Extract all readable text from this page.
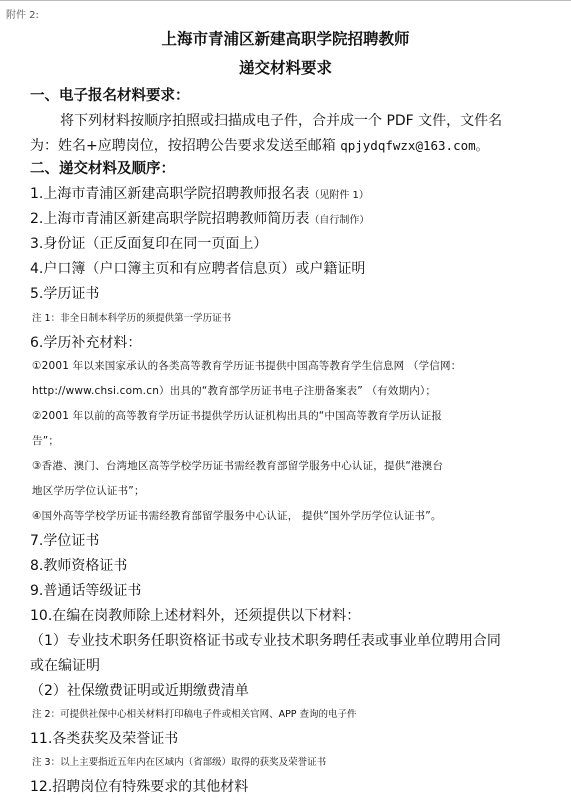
附件 2:
上海市青浦区新建高职学院招聘教师
递交材料要求
一、电子报名材料要求：
将下列材料按顺序拍照或扫描成电子件，合并成一个 PDF 文件，文件名
为：姓名+应聘岗位，按招聘公告要求发送至邮箱 qpjydqfwzx@163.com。
二、递交材料及顺序：
1.上海市青浦区新建高职学院招聘教师报名表（见附件 1）
2.上海市青浦区新建高职学院招聘教师简历表（自行制作）
3.身份证（正反面复印在同一页面上）
4.户口簿（户口簿主页和有应聘者信息页）或户籍证明
5.学历证书
注 1：非全日制本科学历的须提供第一学历证书
6.学历补充材料：
①2001 年以来国家承认的各类高等教育学历证书提供中国高等教育学生信息网 （学信网：
http://www.chsi.com.cn）出具的“教育部学历证书电子注册备案表” （有效期内）；
②2001 年以前的高等教育学历证书提供学历认证机构出具的“中国高等教育学历认证报
告”；
③香港、澳门、台湾地区高等学校学历证书需经教育部留学服务中心认证，提供“港澳台
地区学历学位认证书”；
④国外高等学校学历证书需经教育部留学服务中心认证， 提供“国外学历学位认证书”。
7.学位证书
8.教师资格证书
9.普通话等级证书
10.在编在岗教师除上述材料外，还须提供以下材料：
（1）专业技术职务任职资格证书或专业技术职务聘任表或事业单位聘用合同
或在编证明
（2）社保缴费证明或近期缴费清单
注 2：可提供社保中心相关材料打印稿电子件或相关官网、APP 查询的电子件
11.各类获奖及荣誉证书
注 3：以上主要指近五年内在区域内（省部级）取得的获奖及荣誉证书
12.招聘岗位有特殊要求的其他材料
